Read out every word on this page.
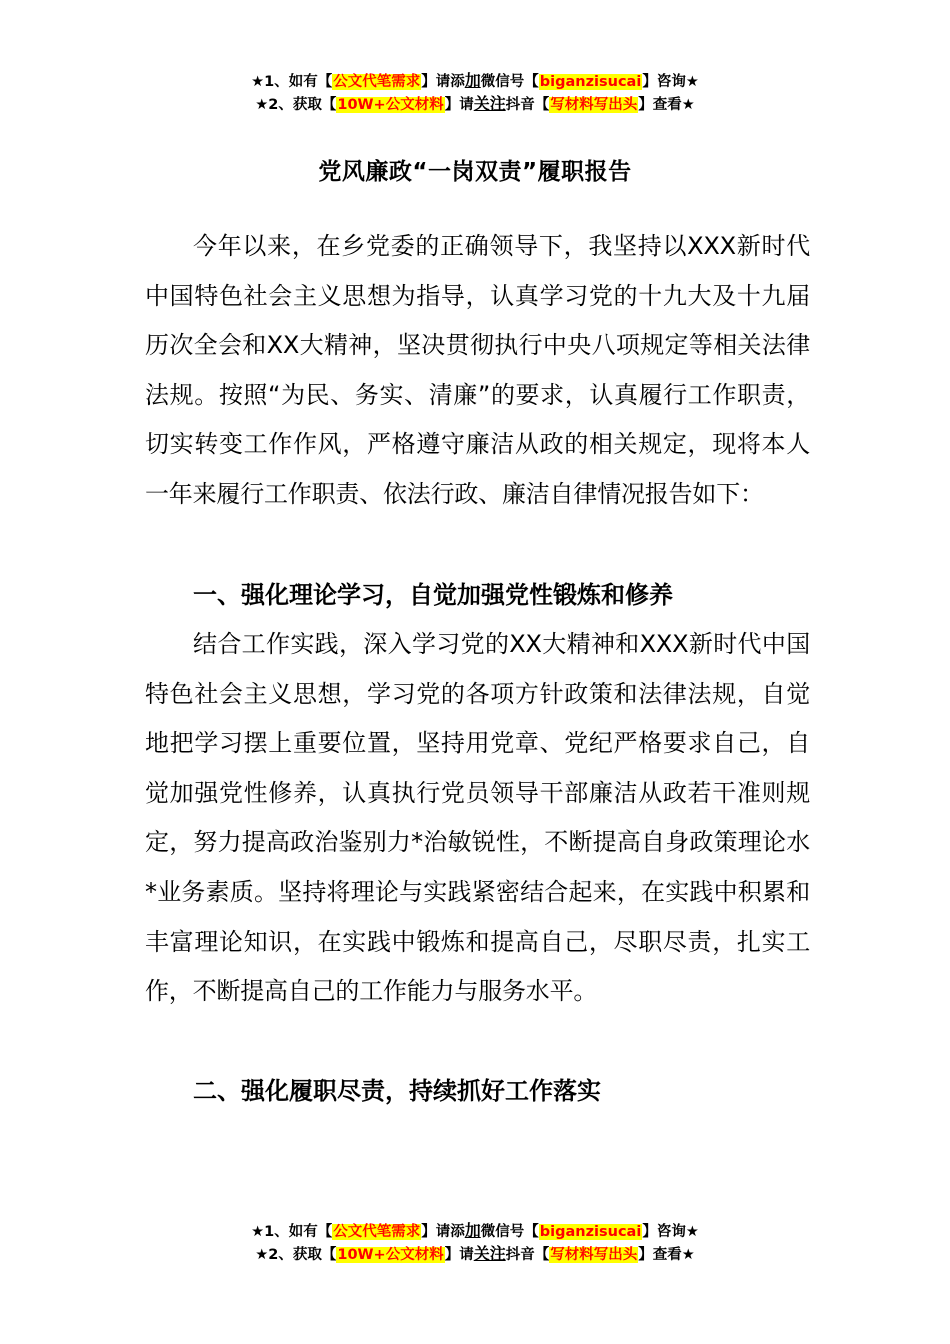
★1、如有【公文代笔需求】请添加微信号【biganzisucai】咨询★
★2、获取【10W+公文材料】请关注抖音【写材料写出头】查看★
党风廉政“一岗双责”履职报告

今年以来，在乡党委的正确领导下，我坚持以XXX新时代中国特色社会主义思想为指导，认真学习党的十九大及十九届历次全会和XX大精神，坚决贯彻执行中央八项规定等相关法律法规。按照“为民、务实、清廉”的要求，认真履行工作职责，切实转变工作作风，严格遵守廉洁从政的相关规定，现将本人一年来履行工作职责、依法行政、廉洁自律情况报告如下：

一、强化理论学习，自觉加强党性锻炼和修养

结合工作实践，深入学习党的XX大精神和XXX新时代中国特色社会主义思想，学习党的各项方针政策和法律法规，自觉地把学习摆上重要位置，坚持用党章、党纪严格要求自己，自觉加强党性修养，认真执行党员领导干部廉洁从政若干准则规定，努力提高政治鉴别力*治敏锐性，不断提高自身政策理论水*业务素质。坚持将理论与实践紧密结合起来，在实践中积累和丰富理论知识，在实践中锻炼和提高自己，尽职尽责，扎实工作，不断提高自己的工作能力与服务水平。

二、强化履职尽责，持续抓好工作落实
★1、如有【公文代笔需求】请添加微信号【biganzisucai】咨询★
★2、获取【10W+公文材料】请关注抖音【写材料写出头】查看★
